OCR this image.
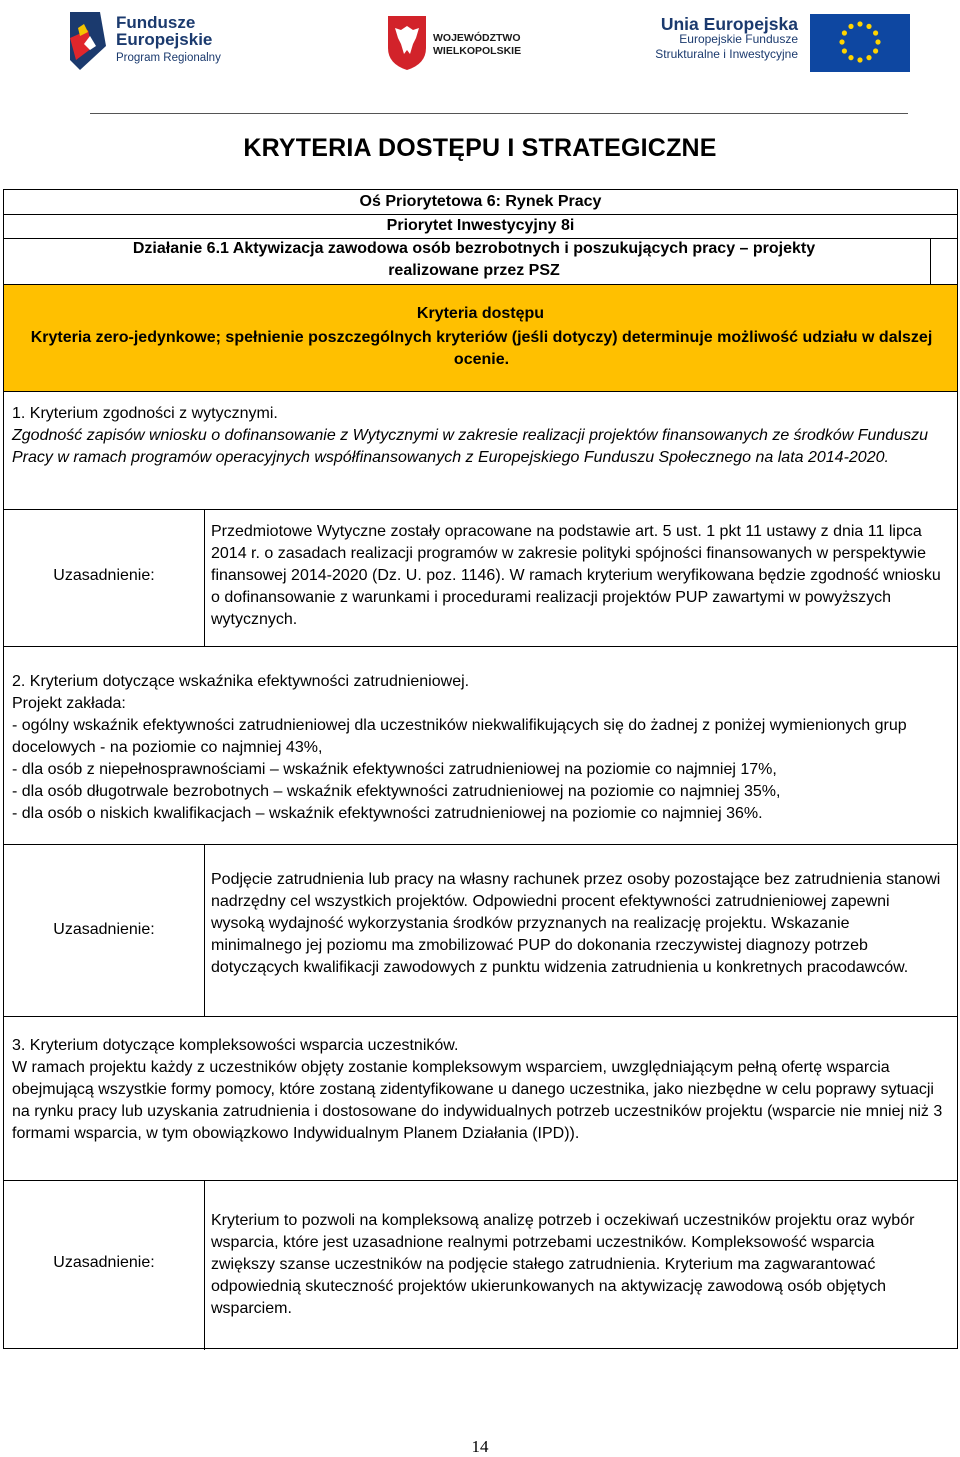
Fundusze
Europejskie
Program Regionalny
WOJEWÓDZTWO
WIELKOPOLSKIE
Unia Europejska
Europejskie Fundusze
Strukturalne i Inwestycyjne
KRYTERIA DOSTĘPU I STRATEGICZNE
Oś Priorytetowa 6: Rynek Pracy
Priorytet Inwestycyjny 8i
Działanie 6.1 Aktywizacja zawodowa osób bezrobotnych i poszukujących pracy – projekty
realizowane przez PSZ
Kryteria dostępu
Kryteria zero-jedynkowe; spełnienie poszczególnych kryteriów (jeśli dotyczy) determinuje możliwość udziału w dalszej ocenie.

1. Kryterium zgodności z wytycznymi.

Zgodność zapisów wniosku o dofinansowanie z Wytycznymi w zakresie realizacji projektów finansowanych ze środków Funduszu Pracy w ramach programów operacyjnych współfinansowanych z Europejskiego Funduszu Społecznego na lata 2014-2020.

Uzasadnienie:
Przedmiotowe Wytyczne zostały opracowane na podstawie art. 5 ust. 1 pkt 11 ustawy z dnia 11 lipca 2014 r. o zasadach realizacji programów w zakresie polityki spójności finansowanych w perspektywie finansowej 2014-2020 (Dz. U. poz. 1146). W ramach kryterium weryfikowana będzie zgodność wniosku o dofinansowanie z warunkami i procedurami realizacji projektów PUP zawartymi w powyższych wytycznych.

2. Kryterium dotyczące wskaźnika efektywności zatrudnieniowej.

Projekt zakłada:

- ogólny wskaźnik efektywności zatrudnieniowej dla uczestników niekwalifikujących się do żadnej z poniżej wymienionych grup docelowych - na poziomie co najmniej 43%,

- dla osób z niepełnosprawnościami – wskaźnik efektywności zatrudnieniowej na poziomie co najmniej 17%,

- dla osób długotrwale bezrobotnych – wskaźnik efektywności zatrudnieniowej na poziomie co najmniej 35%,

- dla osób o niskich kwalifikacjach – wskaźnik efektywności zatrudnieniowej na poziomie co najmniej 36%.

Uzasadnienie:
Podjęcie zatrudnienia lub pracy na własny rachunek przez osoby pozostające bez zatrudnienia stanowi nadrzędny cel wszystkich projektów. Odpowiedni procent efektywności zatrudnieniowej zapewni wysoką wydajność wykorzystania środków przyznanych na realizację projektu. Wskazanie minimalnego jej poziomu ma zmobilizować PUP do dokonania rzeczywistej diagnozy potrzeb dotyczących kwalifikacji zawodowych z punktu widzenia zatrudnienia u konkretnych pracodawców.

3. Kryterium dotyczące kompleksowości wsparcia uczestników.

W ramach projektu każdy z uczestników objęty zostanie kompleksowym wsparciem, uwzględniającym pełną ofertę wsparcia obejmującą wszystkie formy pomocy, które zostaną zidentyfikowane u danego uczestnika, jako niezbędne w celu poprawy sytuacji na rynku pracy lub uzyskania zatrudnienia i dostosowane do indywidualnych potrzeb uczestników projektu (wsparcie nie mniej niż 3 formami wsparcia, w tym obowiązkowo Indywidualnym Planem Działania (IPD)).

Uzasadnienie:
Kryterium to pozwoli na kompleksową analizę potrzeb i oczekiwań uczestników projektu oraz wybór wsparcia, które jest uzasadnione realnymi potrzebami uczestników. Kompleksowość wsparcia zwiększy szanse uczestników na podjęcie stałego zatrudnienia. Kryterium ma zagwarantować odpowiednią skuteczność projektów ukierunkowanych na aktywizację zawodową osób objętych wsparciem.
14
